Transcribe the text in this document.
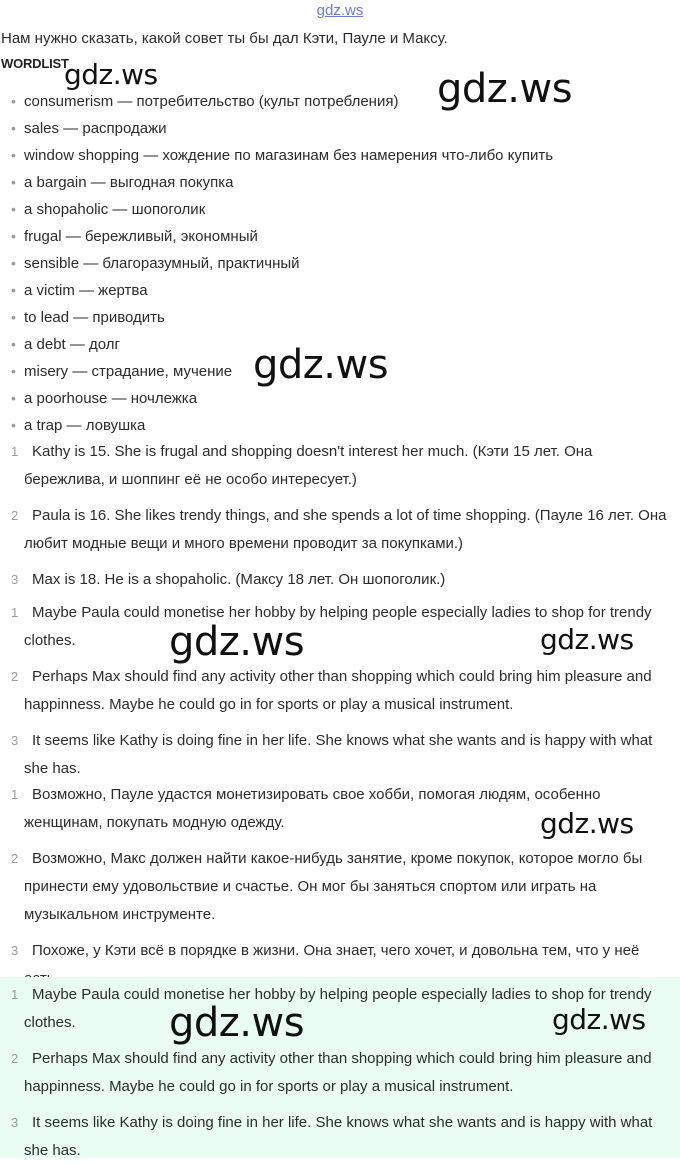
gdz.ws
Нам нужно сказать, какой совет ты бы дал Кэти, Пауле и Максу.
WORDLIST
• consumerism — потребительство (культ потребления)
• sales — распродажи
• window shopping — хождение по магазинам без намерения что-либо купить
• a bargain — выгодная покупка
• a shopaholic — шопоголик
• frugal — бережливый, экономный
• sensible — благоразумный, практичный
• a victim — жертва
• to lead — приводить
• a debt — долг
• misery — страдание, мучение
• a poorhouse — ночлежка
• a trap — ловушка
1 Kathy is 15. She is frugal and shopping doesn't interest her much. (Кэти 15 лет. Она бережлива, и шоппинг её не особо интересует.)
2 Paula is 16. She likes trendy things, and she spends a lot of time shopping. (Пауле 16 лет. Она любит модные вещи и много времени проводит за покупками.)
3 Max is 18. He is a shopaholic. (Максу 18 лет. Он шопоголик.)
1 Maybe Paula could monetise her hobby by helping people especially ladies to shop for trendy clothes.
2 Perhaps Max should find any activity other than shopping which could bring him pleasure and happinness. Maybe he could go in for sports or play a musical instrument.
3 It seems like Kathy is doing fine in her life. She knows what she wants and is happy with what she has.
1 Возможно, Пауле удастся монетизировать свое хобби, помогая людям, особенно женщинам, покупать модную одежду.
2 Возможно, Макс должен найти какое-нибудь занятие, кроме покупок, которое могло бы принести ему удовольствие и счастье. Он мог бы заняться спортом или играть на музыкальном инструменте.
3 Похоже, у Кэти всё в порядке в жизни. Она знает, чего хочет, и довольна тем, что у неё
1 Maybe Paula could monetise her hobby by helping people especially ladies to shop for trendy clothes.
2 Perhaps Max should find any activity other than shopping which could bring him pleasure and happinness. Maybe he could go in for sports or play a musical instrument.
3 It seems like Kathy is doing fine in her life. She knows what she wants and is happy with what she has.
gdz.ws	gdz.ws
gdz.ws
gdz.ws	gdz.ws
gdz.ws
gdz.ws	gdz.ws
